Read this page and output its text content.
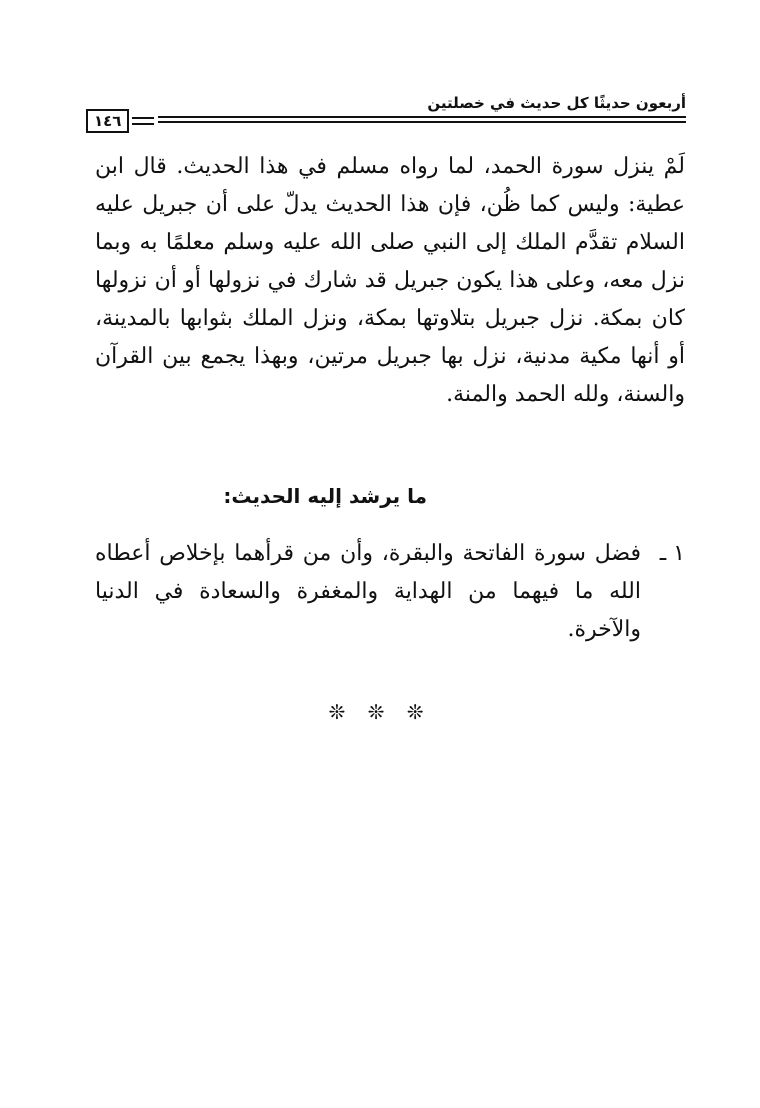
أربعون حديثًا كل حديث في خصلتين
١٤٦
لَمْ ينزل سورة الحمد، لما رواه مسلم في هذا الحديث. قال ابن عطية: وليس كما ظُن، فإن هذا الحديث يدلّ على أن جبريل عليه السلام تقدَّم الملك إلى النبي صلى الله عليه وسلم معلمًا به وبما نزل معه، وعلى هذا يكون جبريل قد شارك في نزولها أو أن نزولها كان بمكة. نزل جبريل بتلاوتها بمكة، ونزل الملك بثوابها بالمدينة، أو أنها مكية مدنية، نزل بها جبريل مرتين، وبهذا يجمع بين القرآن والسنة، ولله الحمد والمنة.
ما يرشد إليه الحديث:
١ ـ
فضل سورة الفاتحة والبقرة، وأن من قرأهما بإخلاص أعطاه الله ما فيهما من الهداية والمغفرة والسعادة في الدنيا والآخرة.
❊ ❊ ❊
